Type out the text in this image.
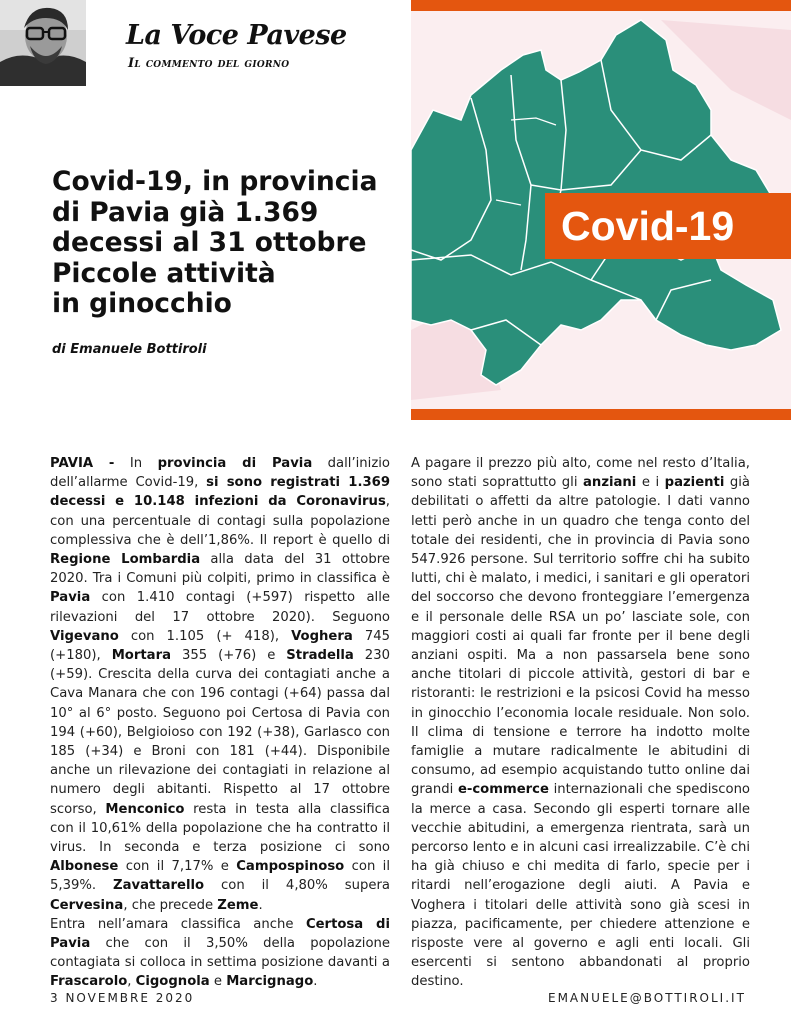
La Voce Pavese
Il commento del giorno
Covid-19, in provincia
di Pavia già 1.369
decessi al 31 ottobre
Piccole attività
in ginocchio
di Emanuele Bottiroli
Covid-19

PAVIA - In provincia di Pavia dall’inizio dell’allarme Covid-19, si sono registrati 1.369 decessi e 10.148 infezioni da Coronavirus, con una percentuale di contagi sulla popolazione complessiva che è dell’1,86%. Il report è quello di Regione Lombardia alla data del 31 ottobre 2020. Tra i Comuni più colpiti, primo in classifica è Pavia con 1.410 contagi (+597) rispetto alle rilevazioni del 17 ottobre 2020). Seguono Vigevano con 1.105 (+ 418), Voghera 745 (+180), Mortara 355 (+76) e Stradella 230 (+59). Crescita della curva dei contagiati anche a Cava Manara che con 196 contagi (+64) passa dal 10° al 6° posto. Seguono poi Certosa di Pavia con 194 (+60), Belgioioso con 192 (+38), Garlasco con 185 (+34) e Broni con 181 (+44). Disponibile anche un rilevazione dei contagiati in relazione al numero degli abitanti. Rispetto al 17 ottobre scorso, Menconico resta in testa alla classifica con il 10,61% della popolazione che ha contratto il virus. In seconda e terza posizione ci sono Albonese con il 7,17% e Campospinoso con il 5,39%. Zavattarello con il 4,80% supera Cervesina, che precede Zeme.

Entra nell’amara classifica anche Certosa di Pavia che con il 3,50% della popolazione contagiata si colloca in settima posizione davanti a Frascarolo, Cigognola e Marcignago.

A pagare il prezzo più alto, come nel resto d’Italia, sono stati soprattutto gli anziani e i pazienti già debilitati o affetti da altre patologie. I dati vanno letti però anche in un quadro che tenga conto del totale dei residenti, che in provincia di Pavia sono 547.926 persone. Sul territorio soffre chi ha subito lutti, chi è malato, i medici, i sanitari e gli operatori del soccorso che devono fronteggiare l’emergenza e il personale delle RSA un po’ lasciate sole, con maggiori costi ai quali far fronte per il bene degli anziani ospiti. Ma a non passarsela bene sono anche titolari di piccole attività, gestori di bar e ristoranti: le restrizioni e la psicosi Covid ha messo in ginocchio l’economia locale residuale. Non solo. Il clima di tensione e terrore ha indotto molte famiglie a mutare radicalmente le abitudini di consumo, ad esempio acquistando tutto online dai grandi e-commerce internazionali che spediscono la merce a casa. Secondo gli esperti tornare alle vecchie abitudini, a emergenza rientrata, sarà un percorso lento e in alcuni casi irrealizzabile. C’è chi ha già chiuso e chi medita di farlo, specie per i ritardi nell’erogazione degli aiuti. A Pavia e Voghera i titolari delle attività sono già scesi in piazza, pacificamente, per chiedere attenzione e risposte vere al governo e agli enti locali. Gli esercenti si sentono abbandonati al proprio destino.

3 NOVEMBRE 2020	EMANUELE@BOTTIROLI.IT
